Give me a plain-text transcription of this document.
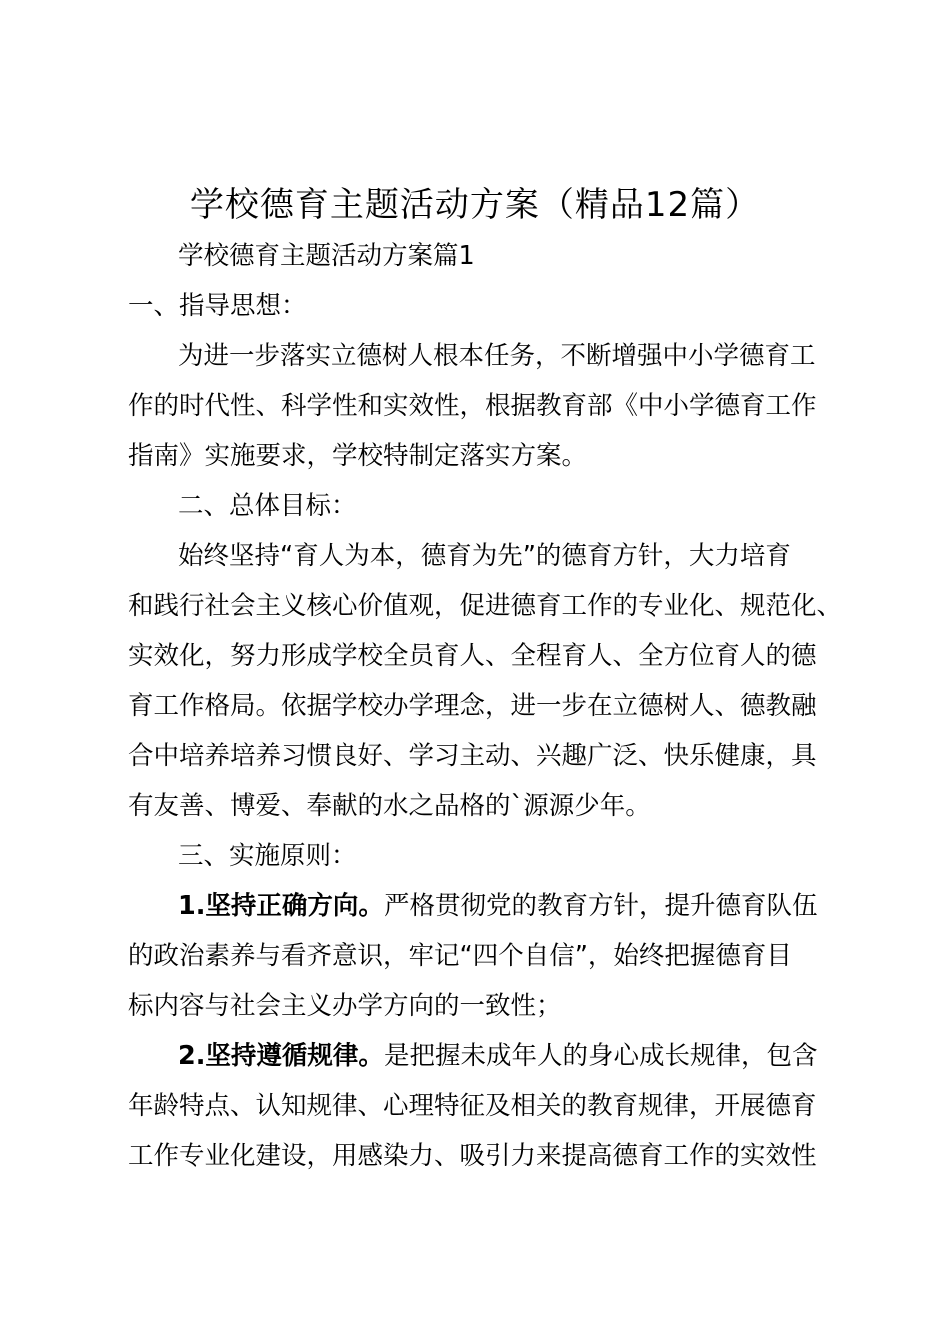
学校德育主题活动方案（精品12篇）

学校德育主题活动方案篇1

一、指导思想：

为进一步落实立德树人根本任务，不断增强中小学德育工

作的时代性、科学性和实效性，根据教育部《中小学德育工作

指南》实施要求，学校特制定落实方案。

二、总体目标：

始终坚持“育人为本，德育为先”的德育方针，大力培育

和践行社会主义核心价值观，促进德育工作的专业化、规范化、

实效化，努力形成学校全员育人、全程育人、全方位育人的德

育工作格局。依据学校办学理念，进一步在立德树人、德教融

合中培养培养习惯良好、学习主动、兴趣广泛、快乐健康，具

有友善、博爱、奉献的水之品格的`源源少年。

三、实施原则：

1.坚持正确方向。严格贯彻党的教育方针，提升德育队伍

的政治素养与看齐意识，牢记“四个自信”，始终把握德育目

标内容与社会主义办学方向的一致性；

2.坚持遵循规律。是把握未成年人的身心成长规律，包含

年龄特点、认知规律、心理特征及相关的教育规律，开展德育

工作专业化建设，用感染力、吸引力来提高德育工作的实效性
